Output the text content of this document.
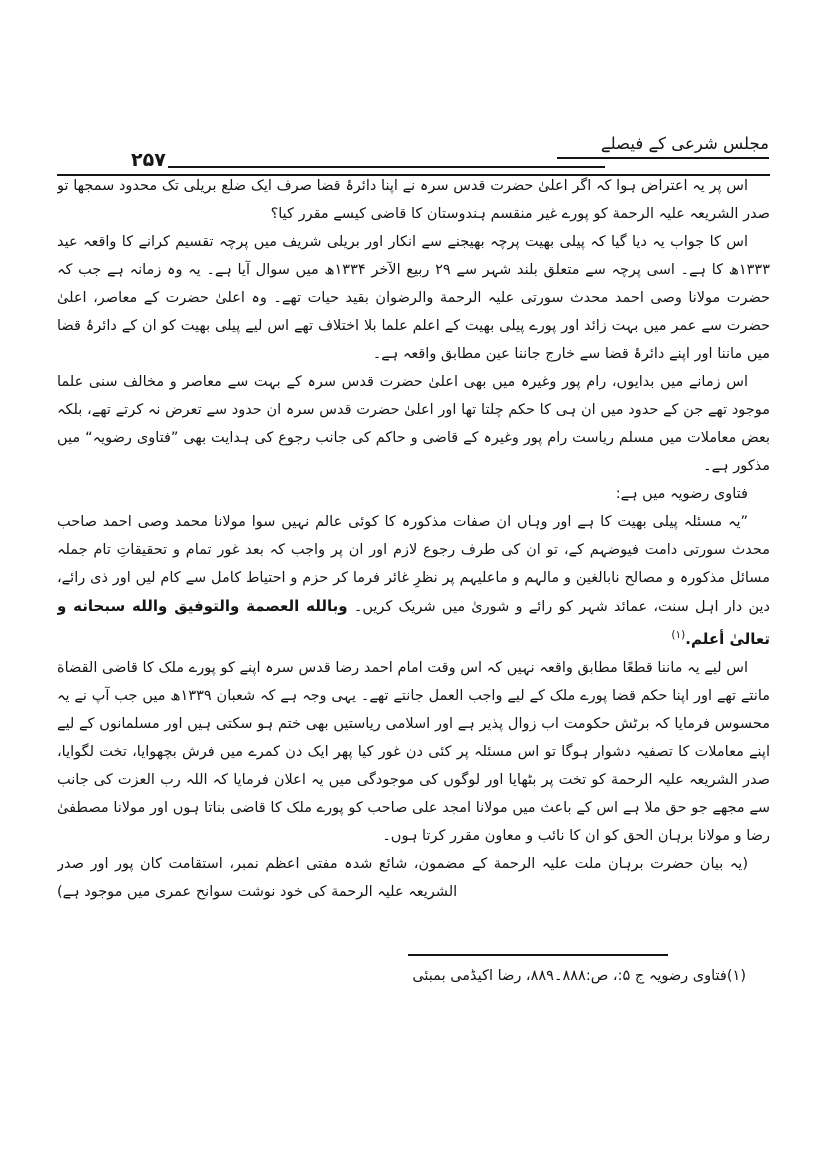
۲۵۷
مجلس شرعی کے فیصلے

اس پر یہ اعتراض ہوا کہ اگر اعلیٰ حضرت قدس سرہ نے اپنا دائرۂ قضا صرف ایک ضلع بریلی تک محدود سمجھا تو صدر الشریعہ علیہ الرحمة کو پورے غیر منقسم ہندوستان کا قاضی کیسے مقرر کیا؟

اس کا جواب یہ دیا گیا کہ پیلی بھیت پرچہ بھیجنے سے انکار اور بریلی شریف میں پرچہ تقسیم کرانے کا واقعہ عید ۱۳۳۳ھ کا ہے۔ اسی پرچہ سے متعلق بلند شہر سے ۲۹ ربیع الآخر ۱۳۳۴ھ میں سوال آیا ہے۔ یہ وہ زمانہ ہے جب کہ حضرت مولانا وصی احمد محدث سورتی علیہ الرحمة والرضوان بقید حیات تھے۔ وہ اعلیٰ حضرت کے معاصر، اعلیٰ حضرت سے عمر میں بہت زائد اور پورے پیلی بھیت کے اعلم علما بلا اختلاف تھے اس لیے پیلی بھیت کو ان کے دائرۂ قضا میں ماننا اور اپنے دائرۂ قضا سے خارج جاننا عین مطابق واقعہ ہے۔

اس زمانے میں بدایوں، رام پور وغیرہ میں بھی اعلیٰ حضرت قدس سرہ کے بہت سے معاصر و مخالف سنی علما موجود تھے جن کے حدود میں ان ہی کا حکم چلتا تھا اور اعلیٰ حضرت قدس سرہ ان حدود سے تعرض نہ کرتے تھے، بلکہ بعض معاملات میں مسلم ریاست رام پور وغیرہ کے قاضی و حاکم کی جانب رجوع کی ہدایت بھی ”فتاوی رضویہ“ میں مذکور ہے۔

فتاوی رضویہ میں ہے:

”یہ مسئلہ پیلی بھیت کا ہے اور وہاں ان صفات مذکورہ کا کوئی عالم نہیں سوا مولانا محمد وصی احمد صاحب محدث سورتی دامت فیوضہم کے، تو ان کی طرف رجوع لازم اور ان پر واجب کہ بعد غور تمام و تحقیقاتِ تام جملہ مسائل مذکورہ و مصالح نابالغین و مالہم و ماعلیہم پر نظرِ غائر فرما کر حزم و احتیاط کامل سے کام لیں اور ذی رائے، دین دار اہل سنت، عمائد شہر کو رائے و شوریٰ میں شریک کریں۔ وبالله العصمة والتوفيق والله سبحانه و تعالیٰ أعلم.$^{(۱)}$

اس لیے یہ ماننا قطعًا مطابق واقعہ نہیں کہ اس وقت امام احمد رضا قدس سرہ اپنے کو پورے ملک کا قاضی القضاة مانتے تھے اور اپنا حکم قضا پورے ملک کے لیے واجب العمل جانتے تھے۔ یہی وجہ ہے کہ شعبان ۱۳۳۹ھ میں جب آپ نے یہ محسوس فرمایا کہ برٹش حکومت اب زوال پذیر ہے اور اسلامی ریاستیں بھی ختم ہو سکتی ہیں اور مسلمانوں کے لیے اپنے معاملات کا تصفیہ دشوار ہوگا تو اس مسئلہ پر کئی دن غور کیا پھر ایک دن کمرے میں فرش بچھوایا، تخت لگوایا، صدر الشریعہ علیہ الرحمة کو تخت پر بٹھایا اور لوگوں کی موجودگی میں یہ اعلان فرمایا کہ اللہ رب العزت کی جانب سے مجھے جو حق ملا ہے اس کے باعث میں مولانا امجد علی صاحب کو پورے ملک کا قاضی بناتا ہوں اور مولانا مصطفیٰ رضا و مولانا برہان الحق کو ان کا نائب و معاون مقرر کرتا ہوں۔

(یہ بیان حضرت برہان ملت علیہ الرحمة کے مضمون، شائع شدہ مفتی اعظم نمبر، استقامت کان پور اور صدر الشریعہ علیہ الرحمة کی خود نوشت سوانح عمری میں موجود ہے)

(۱)فتاوی رضویہ ج ۵:، ص:۸۸۸۔۸۸۹، رضا اکیڈمی بمبئی
